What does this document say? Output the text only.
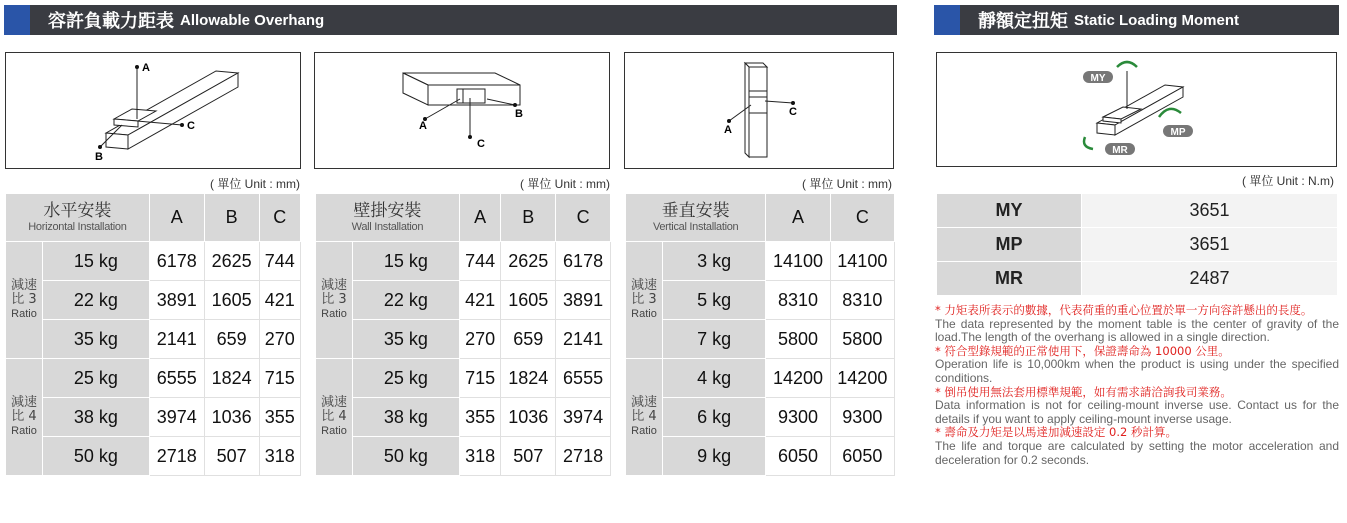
容許負載力距表 Allowable Overhang	靜額定扭矩 Static Loading Moment
A
C
B
B
C
A
C
A
MY
MP
MR
( 單位 Unit : mm)	( 單位 Unit : mm)	( 單位 Unit : mm)	( 單位 Unit : N.m)
水平安裝
Horizontal Installation		A	B	C
減速比 3
Ratio	15 kg	6178	2625	744
	22 kg	3891	1605	421
	35 kg	2141	659	270
減速比 4
Ratio	25 kg	6555	1824	715
	38 kg	3974	1036	355
	50 kg	2718	507	318
壁掛安裝
Wall Installation		A	B	C
減速比 3
Ratio	15 kg	744	2625	6178
	22 kg	421	1605	3891
	35 kg	270	659	2141
減速比 4
Ratio	25 kg	715	1824	6555
	38 kg	355	1036	3974
	50 kg	318	507	2718
垂直安裝
Vertical Installation		A	C
減速比 3
Ratio	3 kg	14100	14100
	5 kg	8310	8310
	7 kg	5800	5800
減速比 4
Ratio	4 kg	14200	14200
	6 kg	9300	9300
	9 kg	6050	6050
MY	3651
MP	3651
MR	2487

* 力矩表所表示的數據，代表荷重的重心位置於單一方向容許懸出的長度。

The data represented by the moment table is the center of gravity of the load.The length of the overhang is allowed in a single direction.

* 符合型錄規範的正常使用下，保證壽命為 10000 公里。

Operation life is 10,000km when the product is using under the specified conditions.

* 倒吊使用無法套用標準規範，如有需求請洽詢我司業務。

Data information is not for ceiling-mount inverse use. Contact us for the details if you want to apply ceiling-mount inverse usage.

* 壽命及力矩是以馬達加減速設定 0.2 秒計算。

The life and torque are calculated by setting the motor acceleration and deceleration for 0.2 seconds.
